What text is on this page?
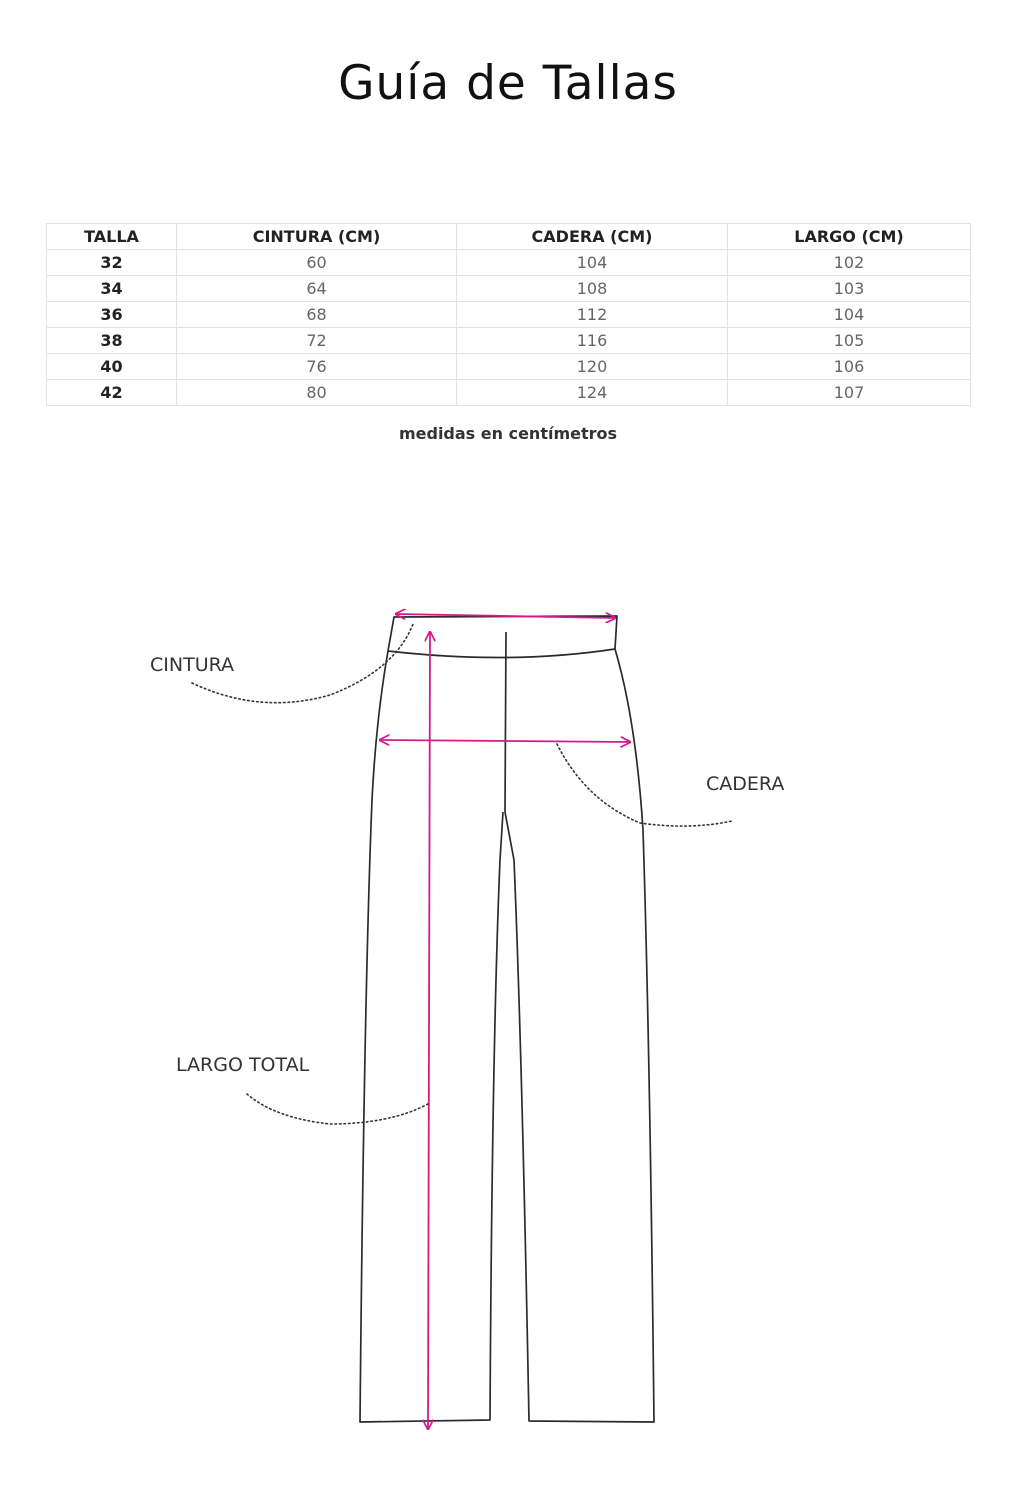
Guía de Tallas
TALLA	CINTURA (CM)	CADERA (CM)	LARGO (CM)
32	60	104	102
34	64	108	103
36	68	112	104
38	72	116	105
40	76	120	106
42	80	124	107
medidas en centímetros
CINTURA
CADERA
LARGO TOTAL
